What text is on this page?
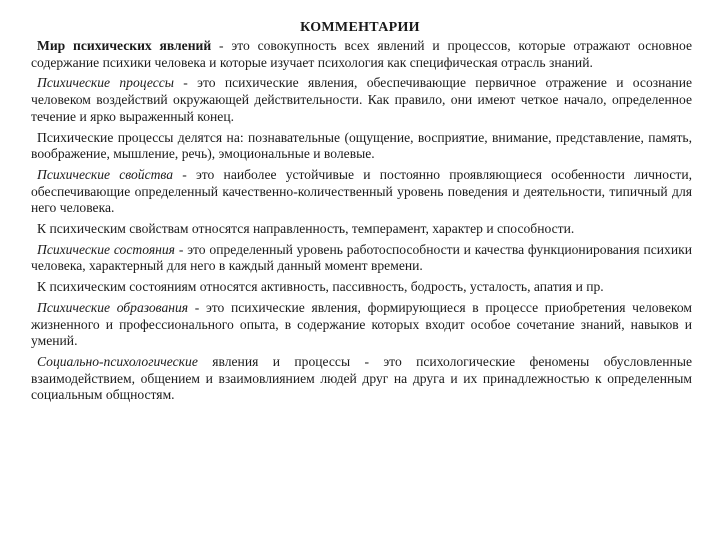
КОММЕНТАРИИ

Мир психических явлений - это совокупность всех явлений и процессов, которые отражают основное содержание психики человека и которые изучает психология как специфическая отрасль знаний.

Психические процессы - это психические явления, обеспечивающие первичное отражение и осознание человеком воздействий окружающей действительности. Как правило, они имеют четкое начало, определенное течение и ярко выраженный конец.

Психические процессы делятся на: познавательные (ощущение, восприятие, внимание, представление, память, воображение, мышление, речь), эмоциональные и волевые.

Психические свойства - это наиболее устойчивые и постоянно проявляющиеся особенности личности, обеспечивающие определенный качественно-количественный уровень поведения и деятельности, типичный для него человека.

К психическим свойствам относятся направленность, темперамент, характер и способности.

Психические состояния - это определенный уровень работоспособности и качества функционирования психики человека, характерный для него в каждый данный момент времени.

К психическим состояниям относятся активность, пассивность, бодрость, усталость, апатия и пр.

Психические образования - это психические явления, формирующиеся в процессе приобретения человеком жизненного и профессионального опыта, в содержание которых входит особое сочетание знаний, навыков и умений.

Социально-психологические явления и процессы - это психологические феномены обусловленные взаимодействием, общением и взаимовлиянием людей друг на друга и их принадлежностью к определенным социальным общностям.
